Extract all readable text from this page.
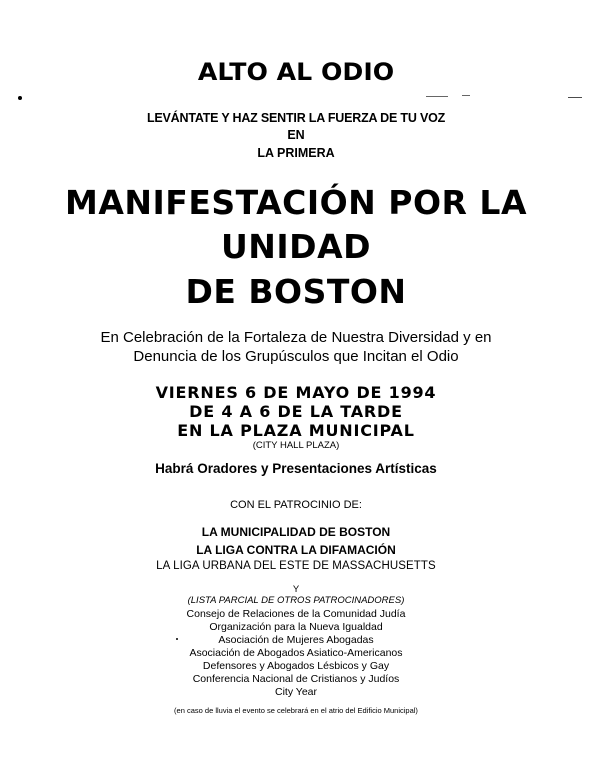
ALTO AL ODIO
LEVÁNTATE Y HAZ SENTIR LA FUERZA DE TU VOZ
EN
LA PRIMERA
MANIFESTACIÓN POR LA
UNIDAD
DE BOSTON
En Celebración de la Fortaleza de Nuestra Diversidad y en
Denuncia de los Grupúsculos que Incitan el Odio
VIERNES 6 DE MAYO DE 1994
DE 4 A 6 DE LA TARDE
EN LA PLAZA MUNICIPAL
(CITY HALL PLAZA)
Habrá Oradores y Presentaciones Artísticas
CON EL PATROCINIO DE:
LA MUNICIPALIDAD DE BOSTON
LA LIGA CONTRA LA DIFAMACIÓN
LA LIGA URBANA DEL ESTE DE MASSACHUSETTS
Y
(LISTA PARCIAL DE OTROS PATROCINADORES)
Consejo de Relaciones de la Comunidad Judía
Organización para la Nueva Igualdad
Asociación de Mujeres Abogadas
Asociación de Abogados Asiatico-Americanos
Defensores y Abogados Lésbicos y Gay
Conferencia Nacional de Cristianos y Judíos
City Year
(en caso de lluvia el evento se celebrará en el atrio del Edificio Municipal)
